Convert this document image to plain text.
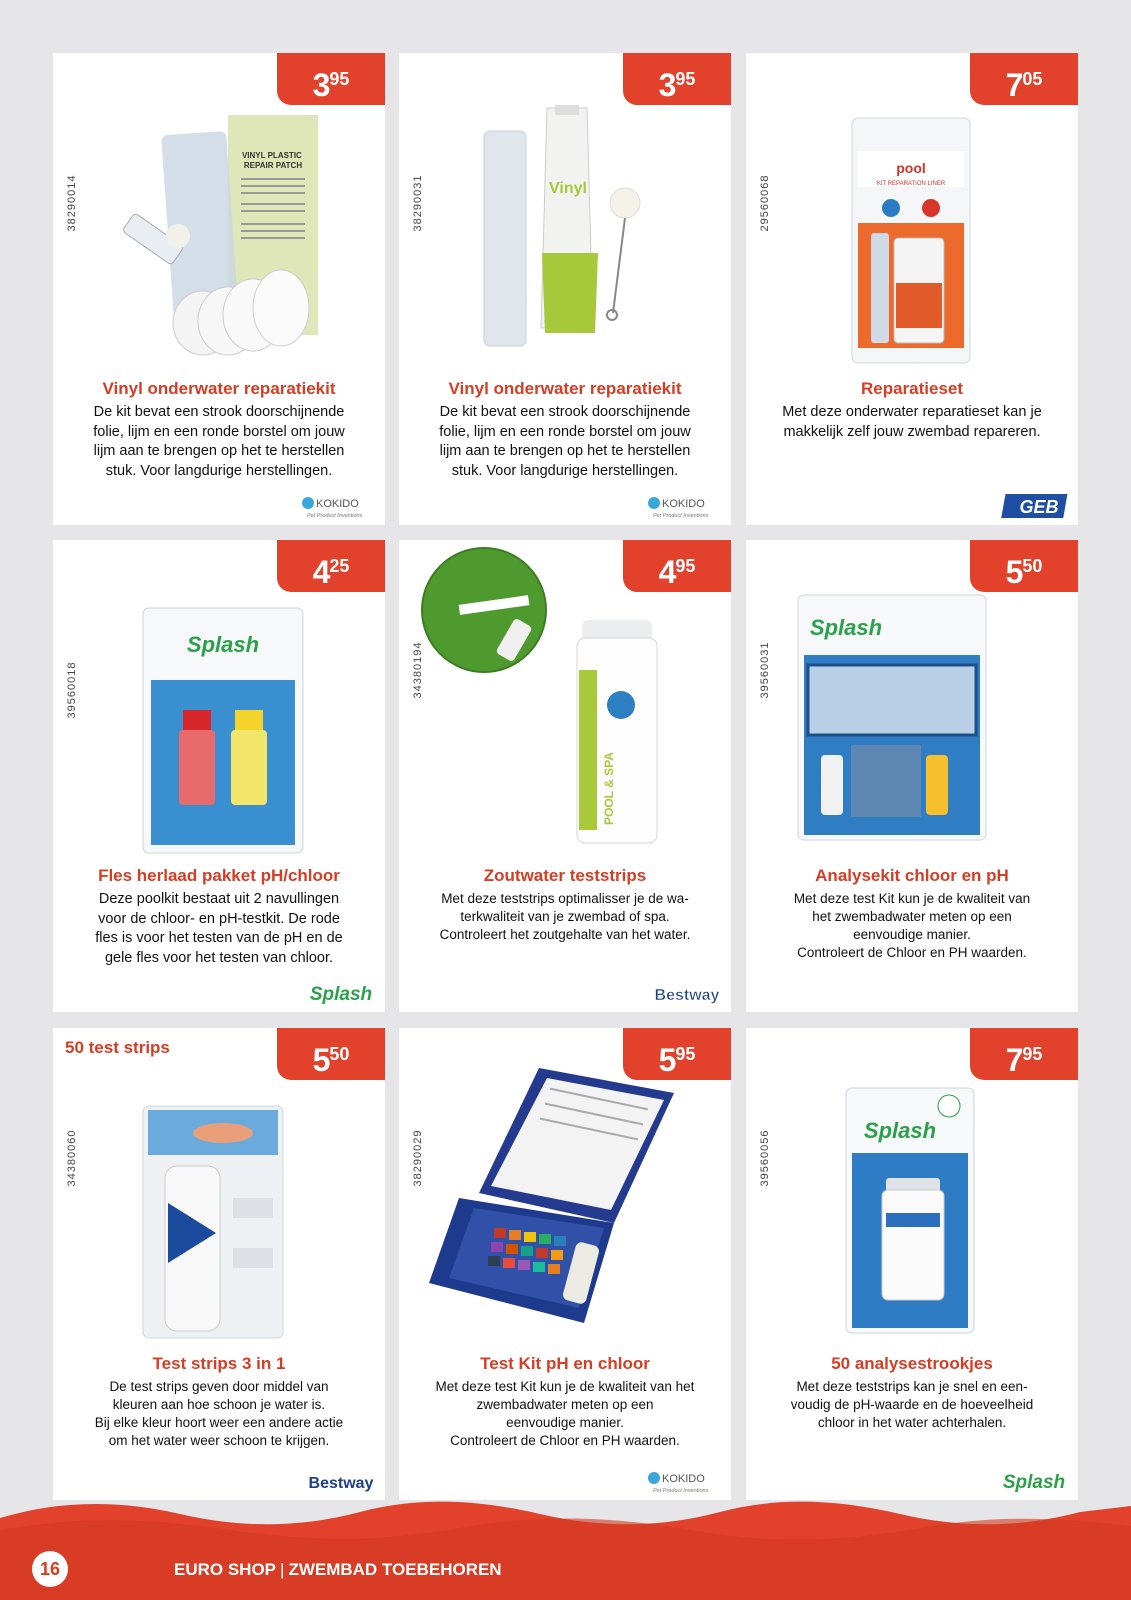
VINYL PLASTIC REPAIR PATCH
395
38290014
Vinyl onderwater reparatiekit
De kit bevat een strook doorschijnende
folie, lijm en een ronde borstel om jouw
lijm aan te brengen op het te herstellen
stuk. Voor langdurige herstellingen.
KOKIDO
Pet Product Inventions
Vinyl
395
38290031
Vinyl onderwater reparatiekit
De kit bevat een strook doorschijnende
folie, lijm en een ronde borstel om jouw
lijm aan te brengen op het te herstellen
stuk. Voor langdurige herstellingen.
KOKIDO
Pet Product Inventions
pool
KIT REPARATION LINER
705
29560068
Reparatieset
Met deze onderwater reparatieset kan je
makkelijk zelf jouw zwembad repareren.
GEB
Splash
425
39560018
Fles herlaad pakket pH/chloor
Deze poolkit bestaat uit 2 navullingen
voor de chloor- en pH-testkit. De rode
fles is voor het testen van de pH en de
gele fles voor het testen van chloor.
Splash
POOL & SPA
495
34380194
Zoutwater teststrips
Met deze teststrips optimalisser je de wa-
terkwaliteit van je zwembad of spa.
Controleert het zoutgehalte van het water.
Bestway
Splash
550
39560031
Analysekit chloor en pH
Met deze test Kit kun je de kwaliteit van
het zwembadwater meten op een
eenvoudige manier.
Controleert de Chloor en PH waarden.
50 test strips	550
34380060
Test strips 3 in 1
De test strips geven door middel van
kleuren aan hoe schoon je water is.
Bij elke kleur hoort weer een andere actie
om het water weer schoon te krijgen.
Bestway
595
38290029
Test Kit pH en chloor
Met deze test Kit kun je de kwaliteit van het
zwembadwater meten op een
eenvoudige manier.
Controleert de Chloor en PH waarden.
KOKIDO
Pet Product Inventions
Splash
795
39560056
50 analysestrookjes
Met deze teststrips kan je snel en een-
voudig de pH-waarde en de hoeveelheid
chloor in het water achterhalen.
Splash
16	EURO SHOP | ZWEMBAD TOEBEHOREN
